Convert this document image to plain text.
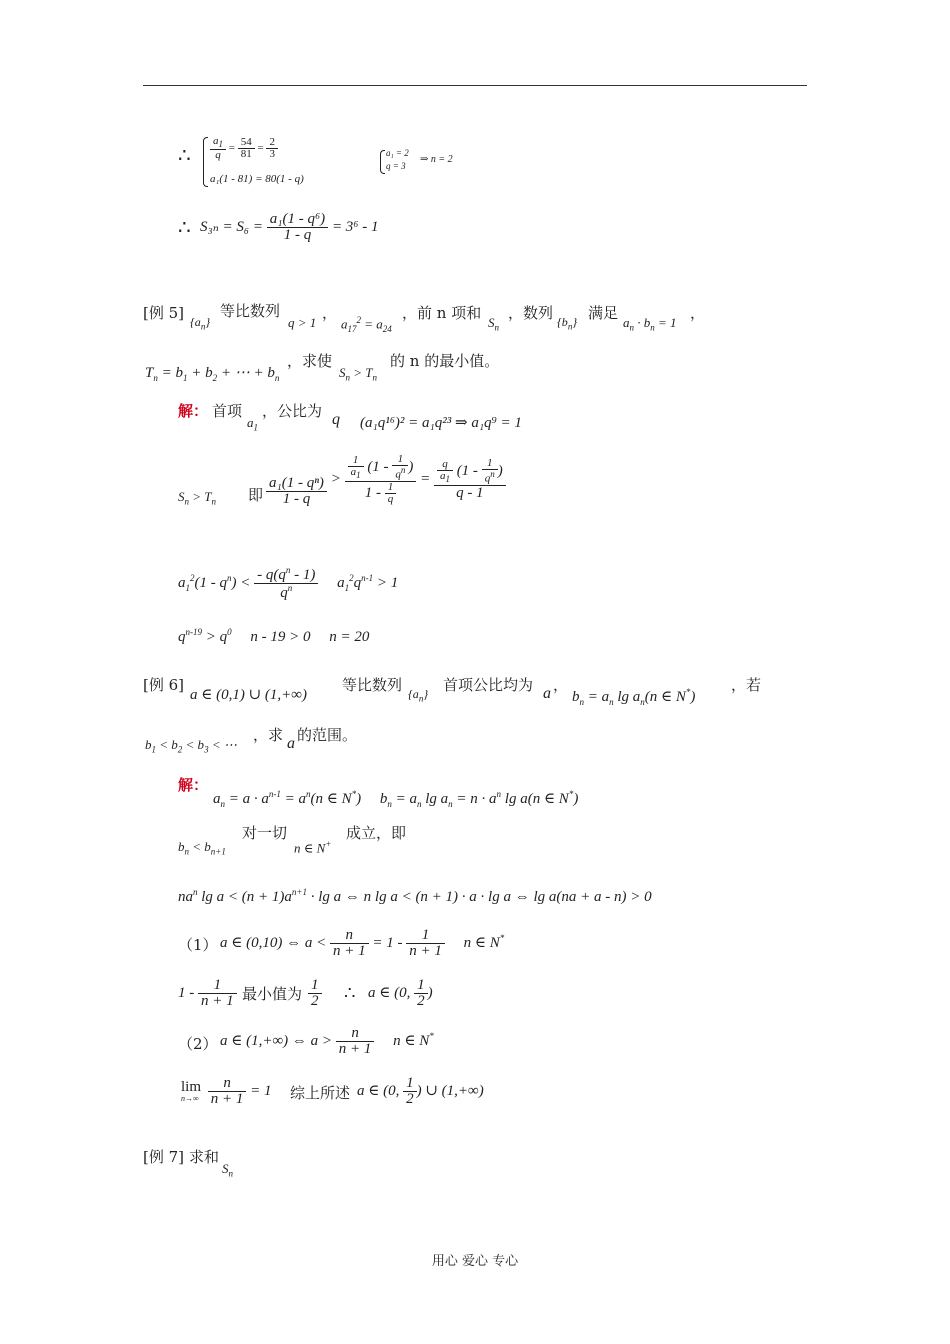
∴ $\frac{a_1}{q} = \frac{54}{81} = \frac{2}{3}$
a₁(1 - 81) = 80(1 - q)
a₁ = 2
q = 3
⇒ n = 2
∴ $S_{3n} = S_6 = \frac{\text{a₁(1 - q⁶)}}{1 - q} = 3^6 - 1$
[例 5] $\{a_n\}$
等比数列
q > 1
，
$a_{17}^2 = a_{24}$
，前 n 项和
$S_n$
，数列 $\{b_n\}$ 满足
$a_n \cdot b_n = 1$
，
$T_n = b_1 + b_2$ + ⋯ + $b_n$
，求使
$S_n > T_n$
的 n 的最小值。
解： 首项
$a_1$
，公比为 q (a₁q¹⁶)² = a₁q²³ ⇒ a₁q⁹ = 1
$S_n > T_n$ 即 $\frac{\text{a₁(1 - qⁿ)}}{1 - q} > \frac{\frac{1}{a_1} (1 - \frac{1}{q^n} )}{1 - \frac{1}{q}} = \frac{\frac{q}{a_1} (1 - \frac{1}{q^n} )}{q - 1}$
$a_1^2(1 - q^n) < \frac{- q(q^n - 1)}{q^n} a_1^2q^{n-1} > 1$
$q^{n-19} > q^0$     n - 19 > 0     n = 20
[例 6]
a ∈ (0,1) ∪ (1,+∞)
等比数列 $\{a_n\}$ 首项公比均为 a ，
$b_n = a_n$ $\lg a_n(n$ ∈ N*)
，若
$b_1 < b_2 < b_3$ < ⋯
，求 a 的范围。
解：
$a_n = a \cdot a^{n-1} = a^n(n$ ∈ N*)     $b_n = a_n$ $\lg a_n = n \cdot a^n$ lg a(n ∈ N*)
$b_n < b_{n+1}$
对一切
n ∈ N+
成立，即
$na^n$ $\lg a < (n + 1)a^{n+1} \cdot \lg a$ ⇔ n lg a < (n + 1) · a · lg a ⇔ lg a(na + a - n) > 0
（1） a ∈ (0,10) ⇔ $a < \frac{n}{n + 1} = 1 - \frac{1}{n + 1}$ n ∈ N*
$1 - \frac{1}{n + 1}$ 最小值为 $\frac{1}{2}$ ∴ a ∈ (0, $\frac{1}{2}$ )
（2） a ∈ (1,+∞) ⇔ $a > \frac{n}{n + 1}$ n ∈ N*
lim
n→∞
$\frac{n}{n + 1} = 1$ 综上所述 a ∈ (0, $\frac{1}{2}$ ) ∪ (1,+∞)
[例 7] 求和
$S_n$
用心 爱心 专心
